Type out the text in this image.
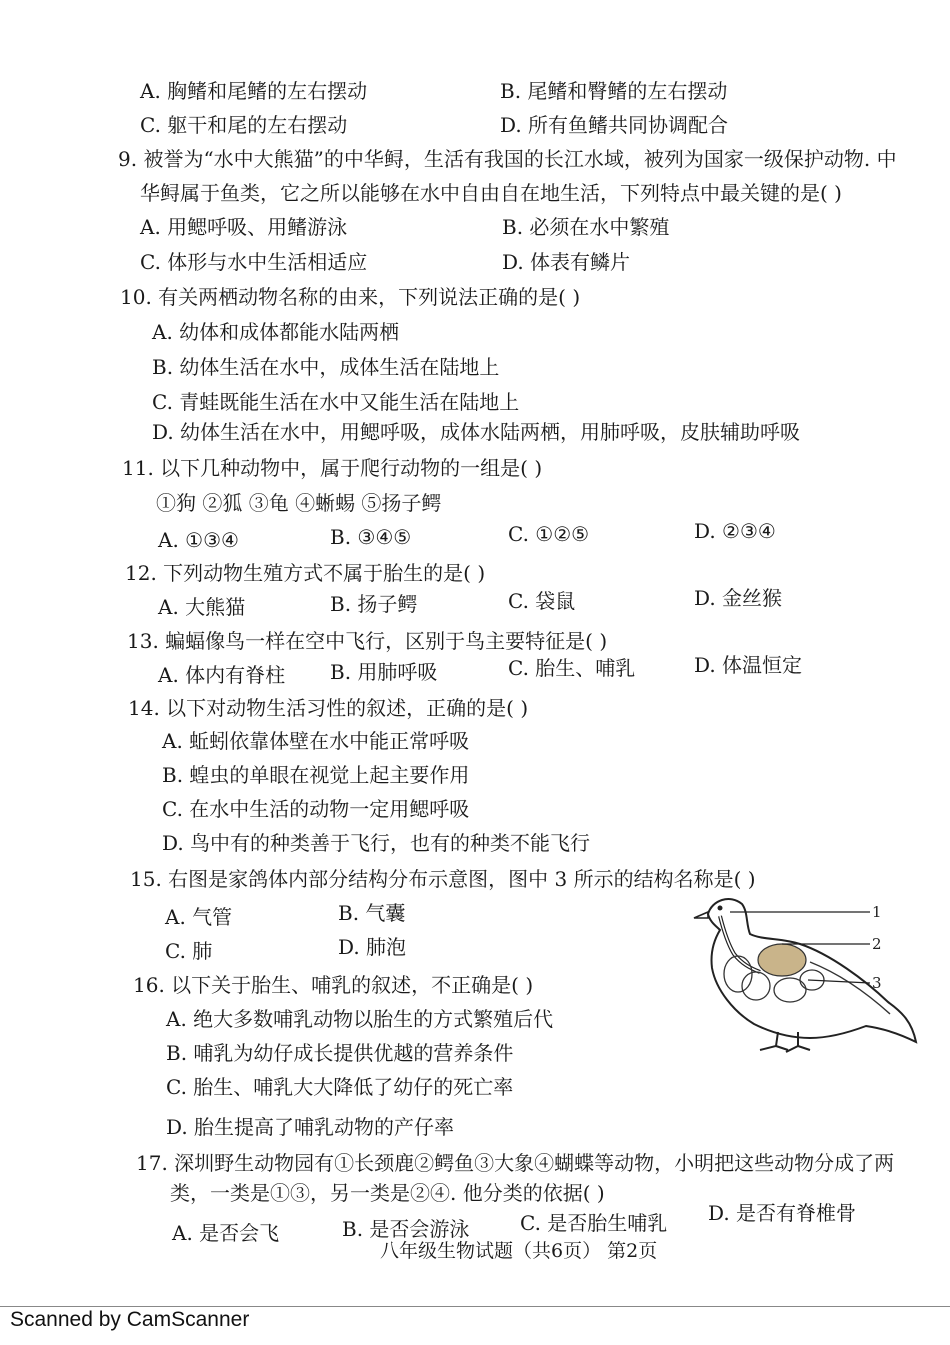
A. 胸鳍和尾鳍的左右摆动	B. 尾鳍和臀鳍的左右摆动
C. 躯干和尾的左右摆动	D. 所有鱼鳍共同协调配合
9. 被誉为“水中大熊猫”的中华鲟，生活有我国的长江水域，被列为国家一级保护动物. 中
华鲟属于鱼类，它之所以能够在水中自由自在地生活，下列特点中最关键的是( )
A. 用鳃呼吸、用鳍游泳	B. 必须在水中繁殖
C. 体形与水中生活相适应	D. 体表有鳞片
10. 有关两栖动物名称的由来，下列说法正确的是( )
A. 幼体和成体都能水陆两栖
B. 幼体生活在水中，成体生活在陆地上
C. 青蛙既能生活在水中又能生活在陆地上
D. 幼体生活在水中，用鳃呼吸，成体水陆两栖，用肺呼吸，皮肤辅助呼吸
11. 以下几种动物中，属于爬行动物的一组是( )
①狗 ②狐 ③龟 ④蜥蜴 ⑤扬子鳄
A. ①③④	B. ③④⑤	C. ①②⑤	D. ②③④
12. 下列动物生殖方式不属于胎生的是( )
A. 大熊猫	B. 扬子鳄	C. 袋鼠	D. 金丝猴
13. 蝙蝠像鸟一样在空中飞行，区别于鸟主要特征是( )
A. 体内有脊柱 B. 用肺呼吸	C. 胎生、哺乳	D. 体温恒定
14. 以下对动物生活习性的叙述，正确的是( )
A. 蚯蚓依靠体壁在水中能正常呼吸
B. 蝗虫的单眼在视觉上起主要作用
C. 在水中生活的动物一定用鳃呼吸
D. 鸟中有的种类善于飞行，也有的种类不能飞行
15. 右图是家鸽体内部分结构分布示意图，图中 3 所示的结构名称是( )
A. 气管	B. 气囊
C. 肺	D. 肺泡
1
2
3
16. 以下关于胎生、哺乳的叙述，不正确是( )
A. 绝大多数哺乳动物以胎生的方式繁殖后代
B. 哺乳为幼仔成长提供优越的营养条件
C. 胎生、哺乳大大降低了幼仔的死亡率
D. 胎生提高了哺乳动物的产仔率
17. 深圳野生动物园有①长颈鹿②鳄鱼③大象④蝴蝶等动物，小明把这些动物分成了两
类，一类是①③，另一类是②④. 他分类的依据( )
A. 是否会飞	B. 是否会游泳	C. 是否胎生哺乳 D. 是否有脊椎骨
八年级生物试题（共6页） 第2页
Scanned by CamScanner
